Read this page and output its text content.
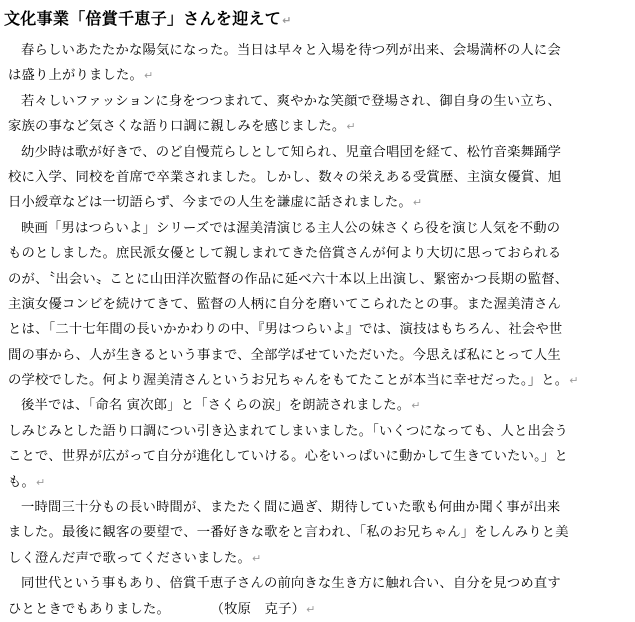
文化事業「倍賞千恵子」さんを迎えて↵
春らしいあたたかな陽気になった。当日は早々と入場を待つ列が出来、会場満杯の人に会
は盛り上がりました。↵
若々しいファッションに身をつつまれて、爽やかな笑顔で登場され、御自身の生い立ち、
家族の事など気さくな語り口調に親しみを感じました。↵
幼少時は歌が好きで、のど自慢荒らしとして知られ、児童合唱団を経て、松竹音楽舞踊学
校に入学、同校を首席で卒業されました。しかし、数々の栄えある受賞歴、主演女優賞、旭
日小綬章などは一切語らず、今までの人生を謙虚に話されました。↵
映画「男はつらいよ」シリーズでは渥美清演じる主人公の妹さくら役を演じ人気を不動の
ものとしました。庶民派女優として親しまれてきた倍賞さんが何より大切に思っておられる
のが、〝出会い〟ことに山田洋次監督の作品に延べ六十本以上出演し、緊密かつ長期の監督、
主演女優コンビを続けてきて、監督の人柄に自分を磨いてこられたとの事。また渥美清さん
とは、「二十七年間の長いかかわりの中、『男はつらいよ』では、演技はもちろん、社会や世
間の事から、人が生きるという事まで、全部学ばせていただいた。今思えば私にとって人生
の学校でした。何より渥美清さんというお兄ちゃんをもてたことが本当に幸せだった。」と。↵
後半では、「命名 寅次郎」と「さくらの涙」を朗読されました。↵
しみじみとした語り口調につい引き込まれてしまいました。「いくつになっても、人と出会う
ことで、世界が広がって自分が進化していける。心をいっぱいに動かして生きていたい。」と
も。↵
一時間三十分もの長い時間が、またたく間に過ぎ、期待していた歌も何曲か聞く事が出来
ました。最後に観客の要望で、一番好きな歌をと言われ、「私のお兄ちゃん」をしんみりと美
しく澄んだ声で歌ってくださいました。↵
同世代という事もあり、倍賞千恵子さんの前向きな生き方に触れ合い、自分を見つめ直す
ひとときでもありました。　　　　（牧原　克子）↵
